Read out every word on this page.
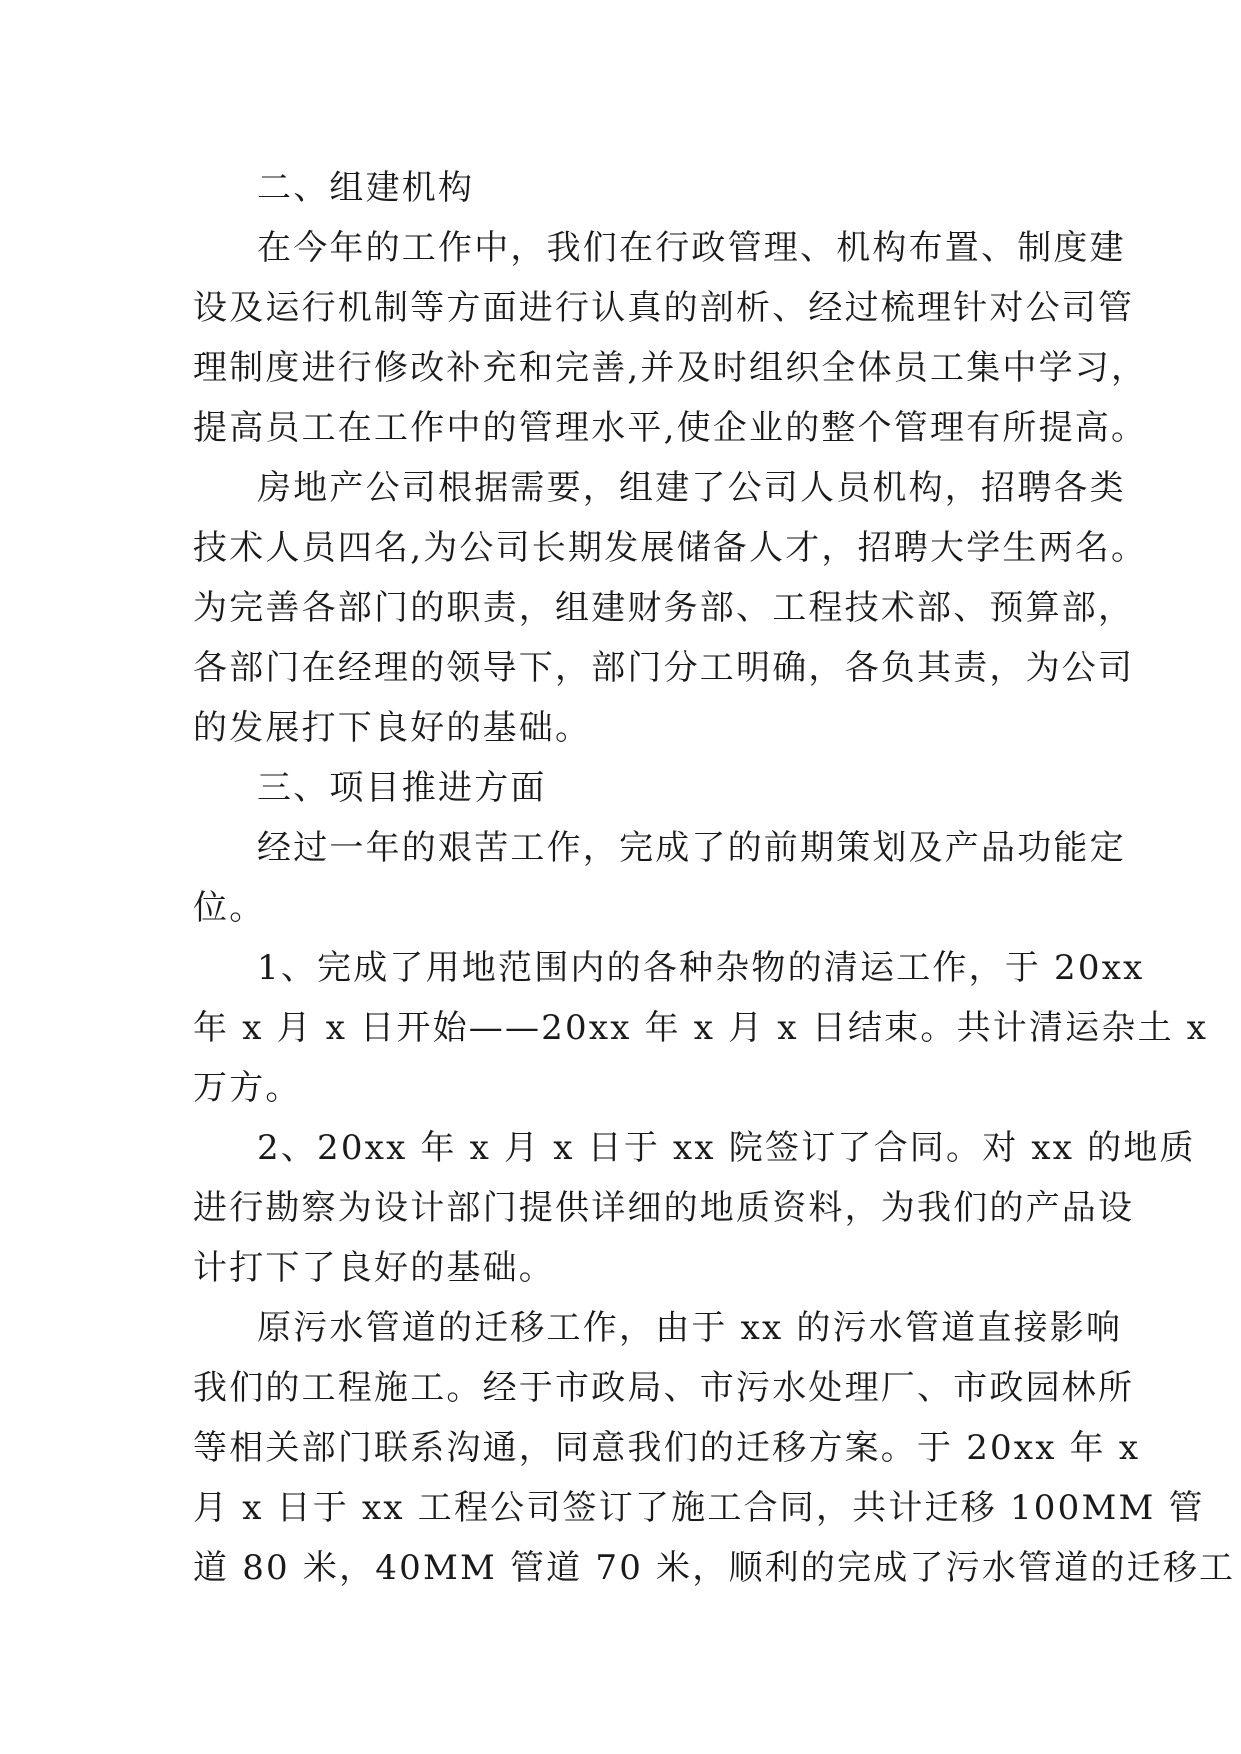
二、组建机构
在今年的工作中，我们在行政管理、机构布置、制度建
设及运行机制等方面进行认真的剖析、经过梳理针对公司管
理制度进行修改补充和完善,并及时组织全体员工集中学习，
提高员工在工作中的管理水平,使企业的整个管理有所提高。
房地产公司根据需要，组建了公司人员机构，招聘各类
技术人员四名,为公司长期发展储备人才，招聘大学生两名。
为完善各部门的职责，组建财务部、工程技术部、预算部，
各部门在经理的领导下，部门分工明确，各负其责，为公司
的发展打下良好的基础。
三、项目推进方面
经过一年的艰苦工作，完成了的前期策划及产品功能定
位。
1、完成了用地范围内的各种杂物的清运工作，于 20xx
年 x 月 x 日开始——20xx 年 x 月 x 日结束。共计清运杂土 x
万方。
2、20xx 年 x 月 x 日于 xx 院签订了合同。对 xx 的地质
进行勘察为设计部门提供详细的地质资料，为我们的产品设
计打下了良好的基础。
原污水管道的迁移工作，由于 xx 的污水管道直接影响
我们的工程施工。经于市政局、市污水处理厂、市政园林所
等相关部门联系沟通，同意我们的迁移方案。于 20xx 年 x
月 x 日于 xx 工程公司签订了施工合同，共计迁移 100MM 管
道 80 米，40MM 管道 70 米，顺利的完成了污水管道的迁移工
